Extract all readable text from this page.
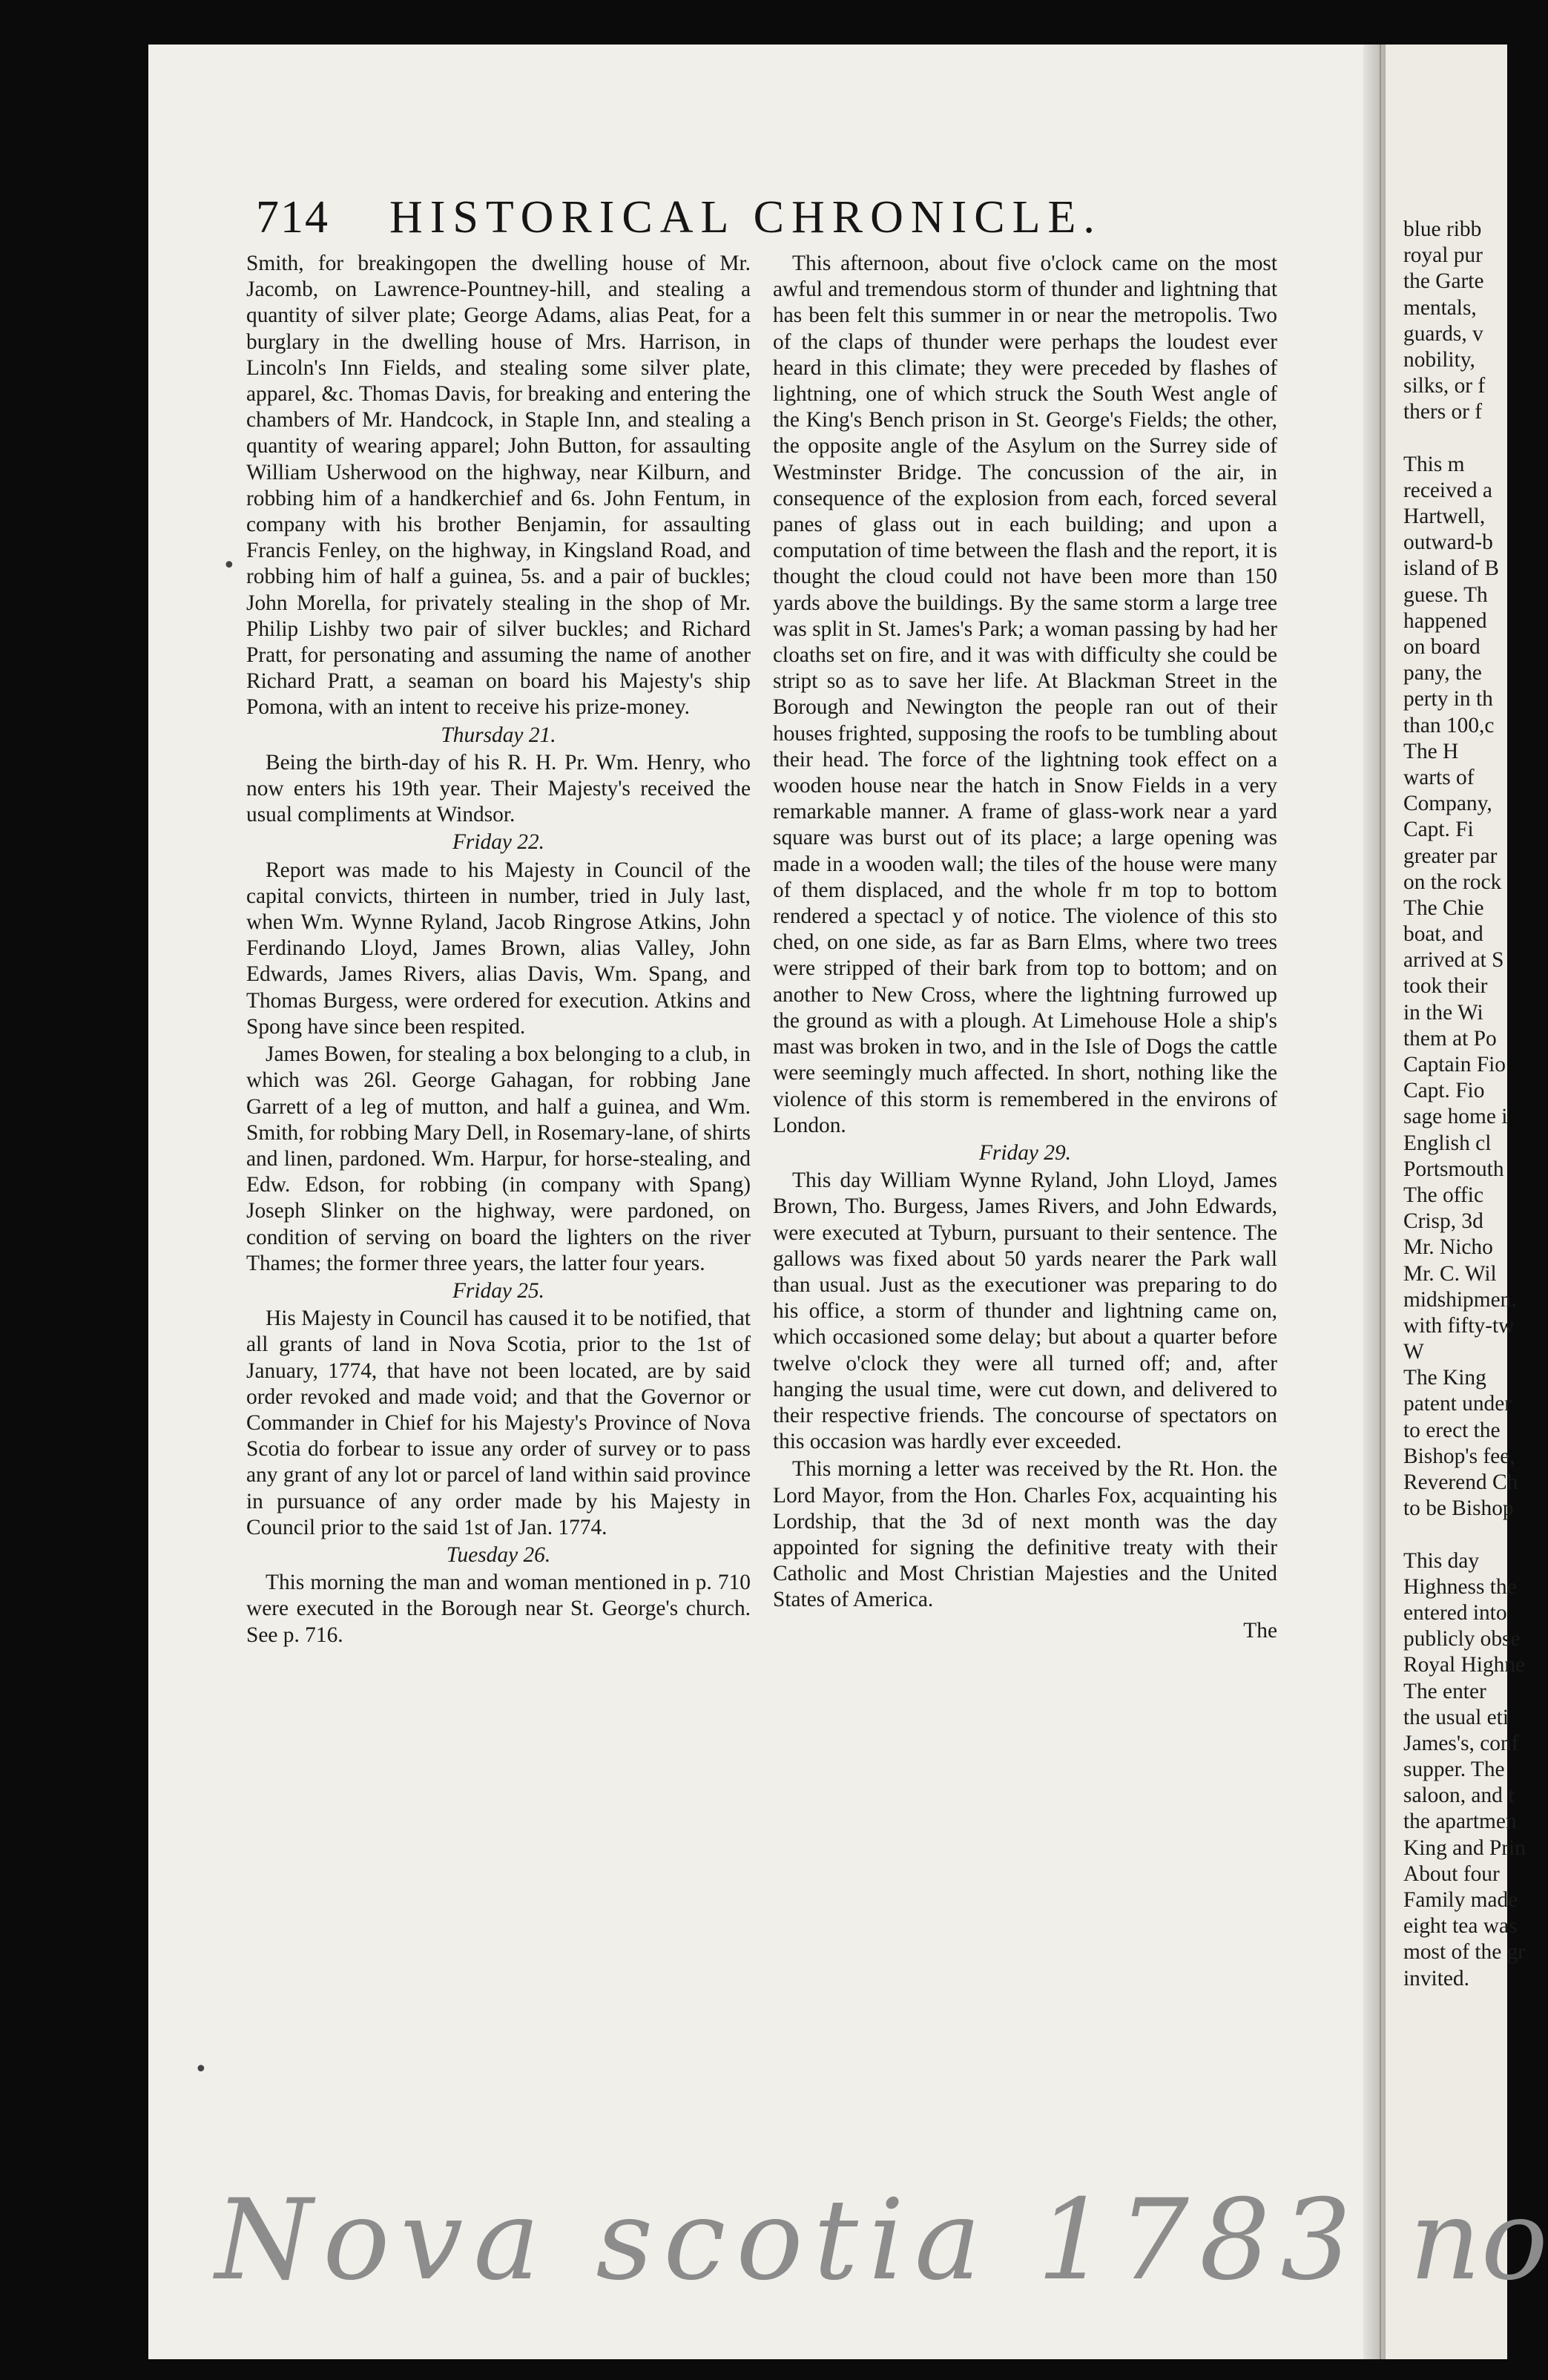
714 HISTORICAL CHRONICLE.

Smith, for breakingopen the dwelling house of Mr. Jacomb, on Lawrence-Pountney-hill, and stealing a quantity of silver plate; George Adams, alias Peat, for a burglary in the dwelling house of Mrs. Harrison, in Lincoln's Inn Fields, and stealing some silver plate, apparel, &c. Thomas Davis, for breaking and entering the chambers of Mr. Handcock, in Staple Inn, and stealing a quantity of wearing apparel; John Button, for assaulting William Usherwood on the highway, near Kilburn, and robbing him of a handkerchief and 6s. John Fentum, in company with his brother Benjamin, for assaulting Francis Fenley, on the highway, in Kingsland Road, and robbing him of half a guinea, 5s. and a pair of buckles; John Morella, for privately stealing in the shop of Mr. Philip Lishby two pair of silver buckles; and Richard Pratt, for personating and assuming the name of another Richard Pratt, a seaman on board his Majesty's ship Pomona, with an intent to receive his prize-money.

Thursday 21.

Being the birth-day of his R. H. Pr. Wm. Henry, who now enters his 19th year. Their Majesty's received the usual compliments at Windsor.

Friday 22.

Report was made to his Majesty in Council of the capital convicts, thirteen in number, tried in July last, when Wm. Wynne Ryland, Jacob Ringrose Atkins, John Ferdinando Lloyd, James Brown, alias Valley, John Edwards, James Rivers, alias Davis, Wm. Spang, and Thomas Burgess, were ordered for execution. Atkins and Spong have since been respited.

James Bowen, for stealing a box belonging to a club, in which was 26l. George Gahagan, for robbing Jane Garrett of a leg of mutton, and half a guinea, and Wm. Smith, for robbing Mary Dell, in Rosemary-lane, of shirts and linen, pardoned. Wm. Harpur, for horse-stealing, and Edw. Edson, for robbing (in company with Spang) Joseph Slinker on the highway, were pardoned, on condition of serving on board the lighters on the river Thames; the former three years, the latter four years.

Friday 25.

His Majesty in Council has caused it to be notified, that all grants of land in Nova Scotia, prior to the 1st of January, 1774, that have not been located, are by said order revoked and made void; and that the Governor or Commander in Chief for his Majesty's Province of Nova Scotia do forbear to issue any order of survey or to pass any grant of any lot or parcel of land within said province in pursuance of any order made by his Majesty in Council prior to the said 1st of Jan. 1774.

Tuesday 26.

This morning the man and woman mentioned in p. 710 were executed in the Borough near St. George's church. See p. 716.

This afternoon, about five o'clock came on the most awful and tremendous storm of thunder and lightning that has been felt this summer in or near the metropolis. Two of the claps of thunder were perhaps the loudest ever heard in this climate; they were preceded by flashes of lightning, one of which struck the South West angle of the King's Bench prison in St. George's Fields; the other, the opposite angle of the Asylum on the Surrey side of Westminster Bridge. The concussion of the air, in consequence of the explosion from each, forced several panes of glass out in each building; and upon a computation of time between the flash and the report, it is thought the cloud could not have been more than 150 yards above the buildings. By the same storm a large tree was split in St. James's Park; a woman passing by had her cloaths set on fire, and it was with difficulty she could be stript so as to save her life. At Blackman Street in the Borough and Newington the people ran out of their houses frighted, supposing the roofs to be tumbling about their head. The force of the lightning took effect on a wooden house near the hatch in Snow Fields in a very remarkable manner. A frame of glass-work near a yard square was burst out of its place; a large opening was made in a wooden wall; the tiles of the house were many of them displaced, and the whole fr m top to bottom rendered a spectacl y of notice. The violence of this sto ched, on one side, as far as Barn Elms, where two trees were stripped of their bark from top to bottom; and on another to New Cross, where the lightning furrowed up the ground as with a plough. At Limehouse Hole a ship's mast was broken in two, and in the Isle of Dogs the cattle were seemingly much affected. In short, nothing like the violence of this storm is remembered in the environs of London.

Friday 29.

This day William Wynne Ryland, John Lloyd, James Brown, Tho. Burgess, James Rivers, and John Edwards, were executed at Tyburn, pursuant to their sentence. The gallows was fixed about 50 yards nearer the Park wall than usual. Just as the executioner was preparing to do his office, a storm of thunder and lightning came on, which occasioned some delay; but about a quarter before twelve o'clock they were all turned off; and, after hanging the usual time, were cut down, and delivered to their respective friends. The concourse of spectators on this occasion was hardly ever exceeded.

This morning a letter was received by the Rt. Hon. the Lord Mayor, from the Hon. Charles Fox, acquainting his Lordship, that the 3d of next month was the day appointed for signing the definitive treaty with their Catholic and Most Christian Majesties and the United States of America.

The
blue ribb
royal pur
the Garte
mentals,
guards, v
nobility,
silks, or f
thers or f
This m
received a
Hartwell,
outward-b
island of B
guese. Th
happened
on board
pany, the
perty in th
than 100,c
The H
warts of
Company,
Capt. Fi
greater par
on the rock
The Chie
boat, and
arrived at S
took their
in the Wi
them at Po
Captain Fio
Capt. Fio
sage home i
English cl
Portsmouth
The offic
Crisp, 3d
Mr. Nicho
Mr. C. Wil
midshipmen.
with fifty-tw
W
The King
patent under
to erect the
Bishop's fee,
Reverend Ch
to be Bishop
This day
Highness the
entered into
publicly obse
Royal Highne
The enter
the usual eti
James's, conf
supper. The
saloon, and t
the apartmen
King and Prin
About four
Family made
eight tea was
most of the gr
invited.
•
•
Nova scotia 1783 no
